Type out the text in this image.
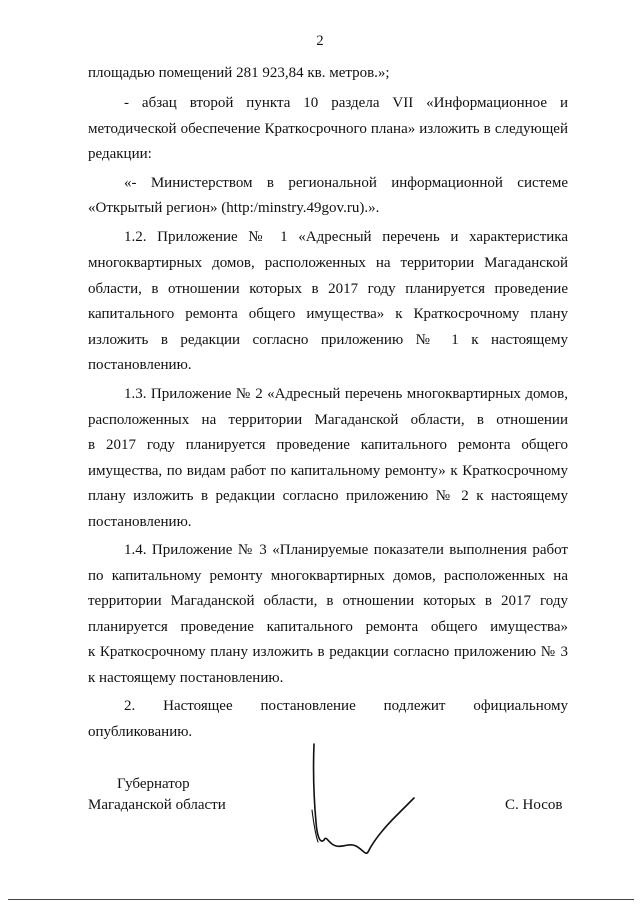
2
площадью помещений 281 923,84 кв. метров.»;
- абзац второй пункта 10 раздела VII «Информационное и
методической обеспечение Краткосрочного плана» изложить в следующей
редакции:
«- Министерством в региональной информационной системе
«Открытый регион» (http:/minstry.49gov.ru).».
1.2. Приложение № 1 «Адресный перечень и характеристика
многоквартирных домов, расположенных на территории Магаданской
области, в отношении которых в 2017 году планируется проведение
капитального ремонта общего имущества» к Краткосрочному плану
изложить в редакции согласно приложению № 1 к настоящему
постановлению.
1.3. Приложение № 2 «Адресный перечень многоквартирных домов,
расположенных на территории Магаданской области, в отношении
в 2017 году планируется проведение капитального ремонта общего
имущества, по видам работ по капитальному ремонту» к Краткосрочному
плану изложить в редакции согласно приложению № 2 к настоящему
постановлению.
1.4. Приложение № 3 «Планируемые показатели выполнения работ
по капитальному ремонту многоквартирных домов, расположенных на
территории Магаданской области, в отношении которых в 2017 году
планируется проведение капитального ремонта общего имущества»
к Краткосрочному плану изложить в редакции согласно приложению № 3
к настоящему постановлению.
2. Настоящее постановление подлежит официальному
опубликованию.
Губернатор
Магаданской области	С. Носов
